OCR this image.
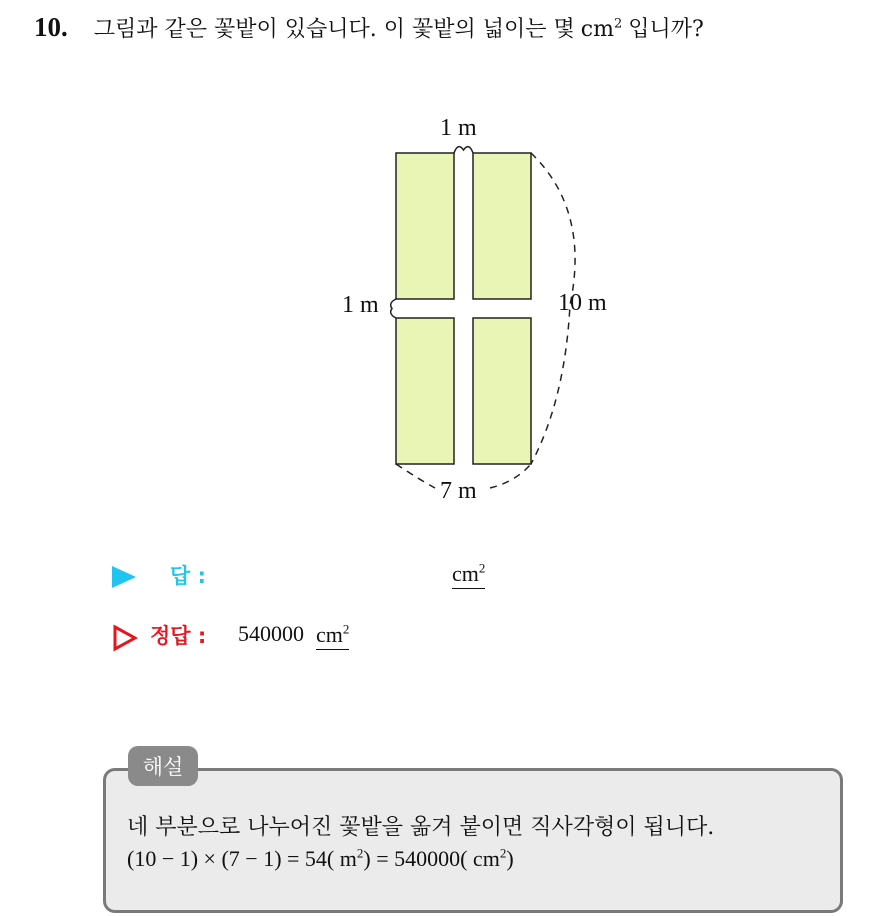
10. 그림과 같은 꽃밭이 있습니다. 이 꽃밭의 넓이는 몇 $cm^2$ 입니까?
1 m
1 m	10 m
7 m
답 :	$cm^2$
정답 : 540000 $cm^2$
해설
네 부분으로 나누어진 꽃밭을 옮겨 붙이면 직사각형이 됩니다.
(10 − 1) × (7 − 1) = 54( $m^2) = 540000$( $cm^2$)
